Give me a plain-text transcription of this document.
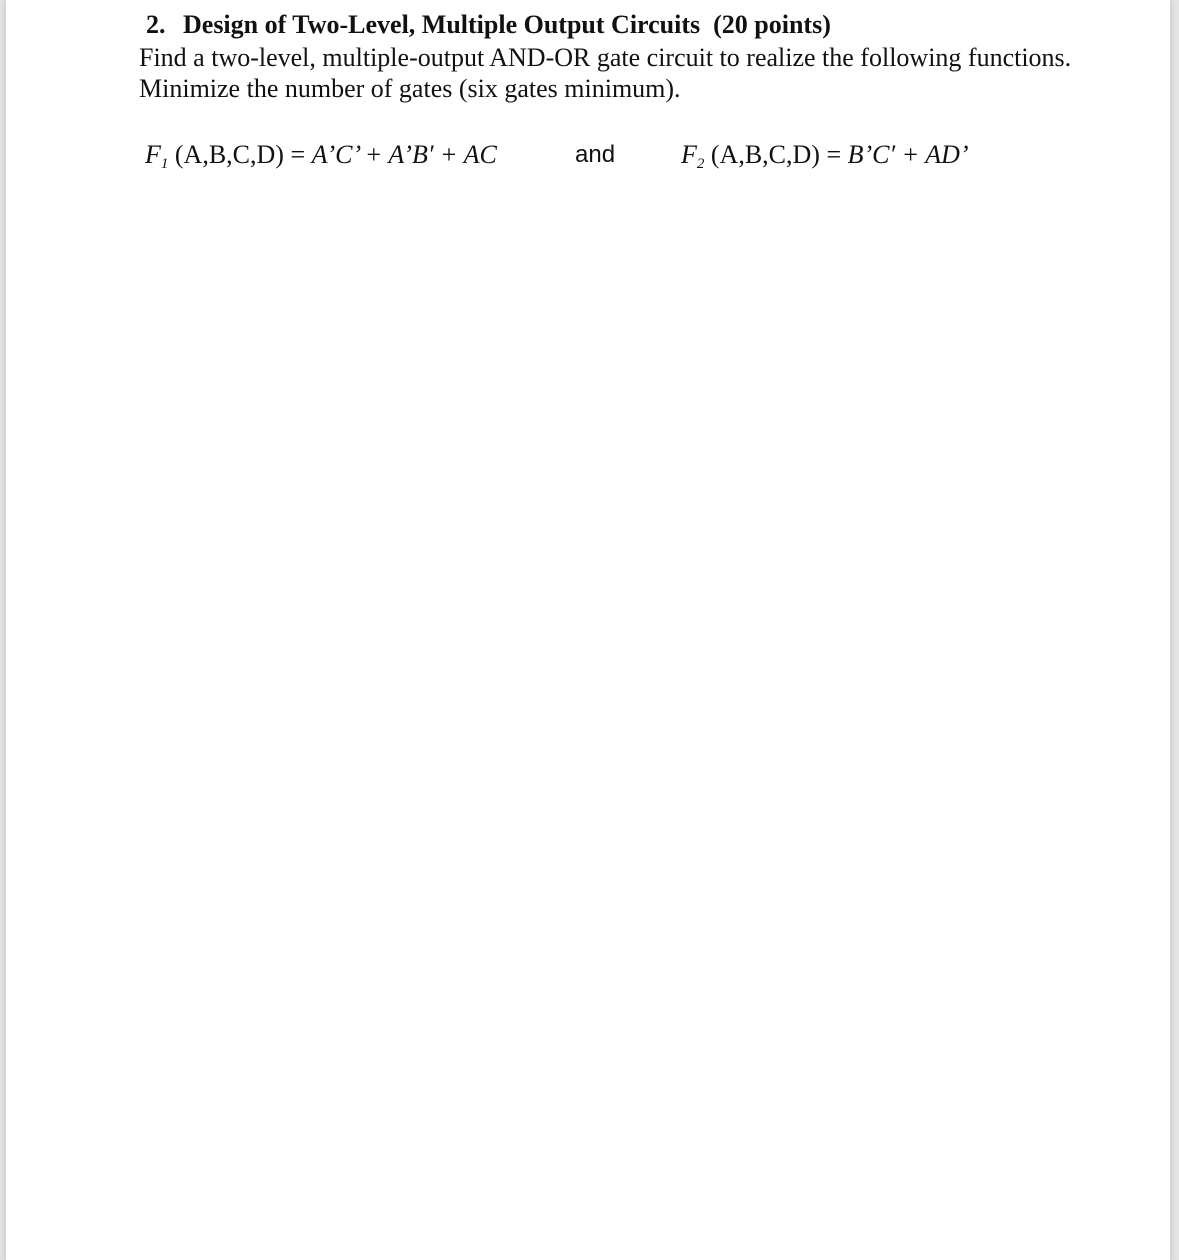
2. Design of Two-Level, Multiple Output Circuits (20 points)

Find a two-level, multiple-output AND-OR gate circuit to realize the following functions.

Minimize the number of gates (six gates minimum).

$F_1$ (A,B,C,D) = A’C’ + A’B′ + AC	and	$F_2$ (A,B,C,D) = B’C′ + AD’
